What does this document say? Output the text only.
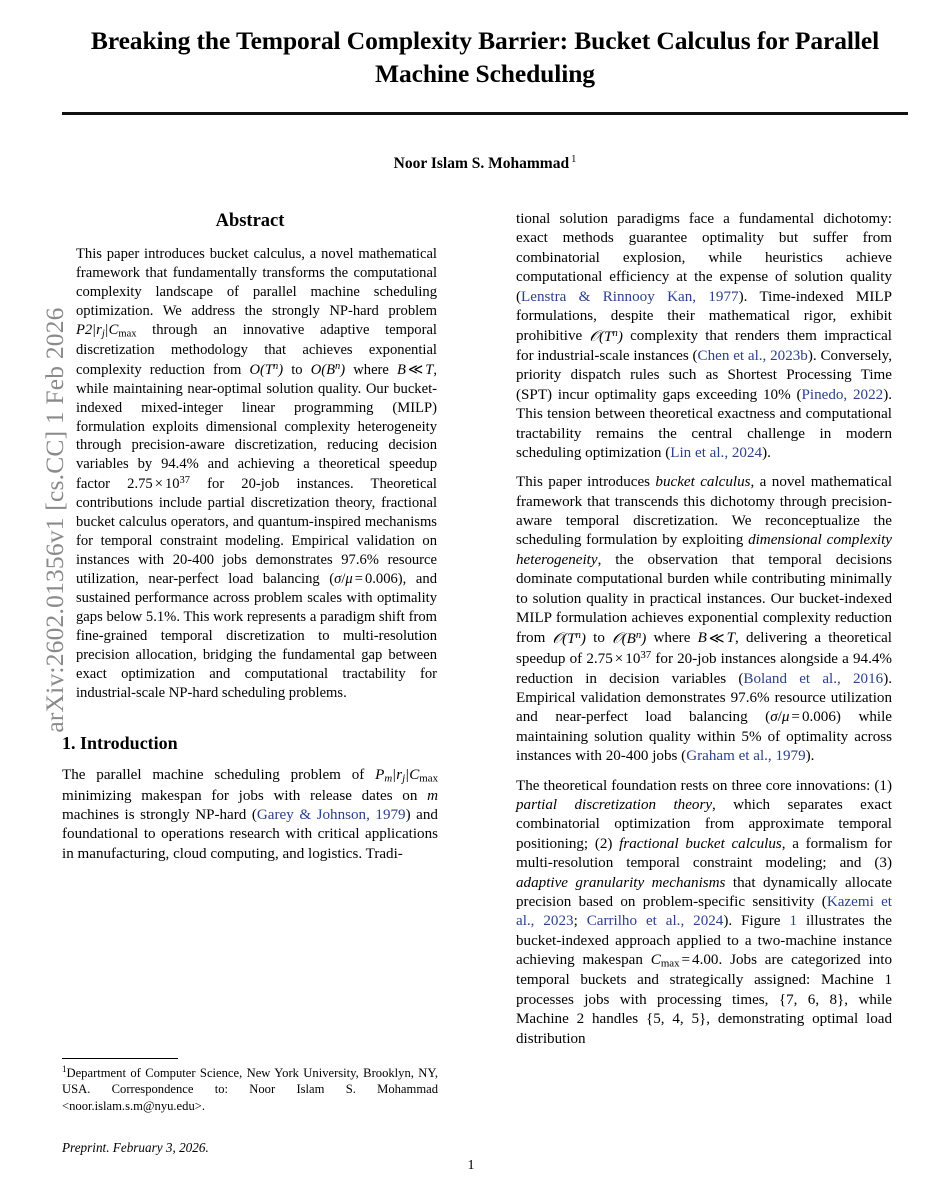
arXiv:2602.01356v1 [cs.CC] 1 Feb 2026
Breaking the Temporal Complexity Barrier: Bucket Calculus for Parallel Machine Scheduling
Noor Islam S. Mohammad $^1$
Abstract

This paper introduces bucket calculus, a novel mathematical framework that fundamentally transforms the computational complexity landscape of parallel machine scheduling optimization. We address the strongly NP-hard problem $P2|r_j|C_{max}$ through an innovative adaptive temporal discretization methodology that achieves exponential complexity reduction from $O(T^n)$ to $O(B^n)$ where B ≪ T, while maintaining near-optimal solution quality. Our bucket-indexed mixed-integer linear programming (MILP) formulation exploits dimensional complexity heterogeneity through precision-aware discretization, reducing decision variables by 94.4% and achieving a theoretical speedup factor $2.75 \times 10^{37}$ for 20-job instances. Theoretical contributions include partial discretization theory, fractional bucket calculus operators, and quantum-inspired mechanisms for temporal constraint modeling. Empirical validation on instances with 20-400 jobs demonstrates 97.6% resource utilization, near-perfect load balancing (σ/μ = 0.006), and sustained performance across problem scales with optimality gaps below 5.1%. This work represents a paradigm shift from fine-grained temporal discretization to multi-resolution precision allocation, bridging the fundamental gap between exact optimization and computational tractability for industrial-scale NP-hard scheduling problems.

1. Introduction

The parallel machine scheduling problem of $P_m|r_j|C_{max}$ minimizing makespan for jobs with release dates on m machines is strongly NP-hard (Garey & Johnson, 1979) and foundational to operations research with critical applications in manufacturing, cloud computing, and logistics. Tradi-

tional solution paradigms face a fundamental dichotomy: exact methods guarantee optimality but suffer from combinatorial explosion, while heuristics achieve computational efficiency at the expense of solution quality (Lenstra & Rinnooy Kan, 1977). Time-indexed MILP formulations, despite their mathematical rigor, exhibit prohibitive $𝒪(T^n)$ complexity that renders them impractical for industrial-scale instances (Chen et al., 2023b). Conversely, priority dispatch rules such as Shortest Processing Time (SPT) incur optimality gaps exceeding 10% (Pinedo, 2022). This tension between theoretical exactness and computational tractability remains the central challenge in modern scheduling optimization (Lin et al., 2024).

This paper introduces bucket calculus, a novel mathematical framework that transcends this dichotomy through precision-aware temporal discretization. We reconceptualize the scheduling formulation by exploiting dimensional complexity heterogeneity, the observation that temporal decisions dominate computational burden while contributing minimally to solution quality in practical instances. Our bucket-indexed MILP formulation achieves exponential complexity reduction from $𝒪(T^n)$ to $𝒪(B^n)$ where B ≪ T, delivering a theoretical speedup of $2.75 \times 10^{37}$ for 20-job instances alongside a 94.4% reduction in decision variables (Boland et al., 2016). Empirical validation demonstrates 97.6% resource utilization and near-perfect load balancing (σ/μ = 0.006) while maintaining solution quality within 5% of optimality across instances with 20-400 jobs (Graham et al., 1979).

The theoretical foundation rests on three core innovations: (1) partial discretization theory, which separates exact combinatorial optimization from approximate temporal positioning; (2) fractional bucket calculus, a formalism for multi-resolution temporal constraint modeling; and (3) adaptive granularity mechanisms that dynamically allocate precision based on problem-specific sensitivity (Kazemi et al., 2023; Carrilho et al., 2024). Figure 1 illustrates the bucket-indexed approach applied to a two-machine instance achieving makespan $C_{max} = 4.00$. Jobs are categorized into temporal buckets and strategically assigned: Machine 1 processes jobs with processing times, {7, 6, 8}, while Machine 2 handles {5, 4, 5}, demonstrating optimal load distribution

$^1$Department of Computer Science, New York University, Brooklyn, NY, USA. Correspondence to: Noor Islam S. Mohammad <noor.islam.s.m@nyu.edu>.
Preprint. February 3, 2026.
1
